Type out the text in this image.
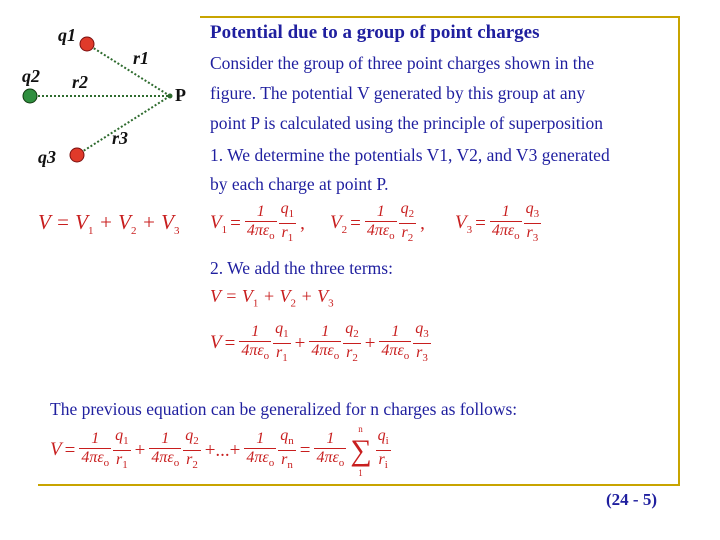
q1
q2
q3
r1
r2
r3
P
Potential due to a group of point charges
Consider the group of three point charges shown in the
figure. The potential V generated by this group at any
point P is calculated using the principle of superposition
1. We determine the potentials V1, V2, and V3 generated
by each charge at point P.
$V = V_1 + V_2 + V_3$ $V_1 = \frac{1}{4\pi\varepsilon_o} \frac{q_1}{r_1}$ , $V_2 = \frac{1}{4\pi\varepsilon_o} \frac{q_2}{r_2}$ , $V_3 = \frac{1}{4\pi\varepsilon_o} \frac{q_3}{r_3}$
2. We add the three terms:
$V = V_1 + V_2 + V_3$
$V = \frac{1}{4\pi\varepsilon_o} \frac{q_1}{r_1} + \frac{1}{4\pi\varepsilon_o} \frac{q_2}{r_2} + \frac{1}{4\pi\varepsilon_o} \frac{q_3}{r_3}$
The previous equation can be generalized for n charges as follows:
$V = \frac{1}{4\pi\varepsilon_o} \frac{q_1}{r_1} + \frac{1}{4\pi\varepsilon_o} \frac{q_2}{r_2}$ +...+ $\frac{1}{4\pi\varepsilon_o} \frac{q_n}{r_n} = \frac{1}{4\pi\varepsilon_o}$ ∑
n
$1 \frac{q_i}{r_i}$
(24 - 5)
